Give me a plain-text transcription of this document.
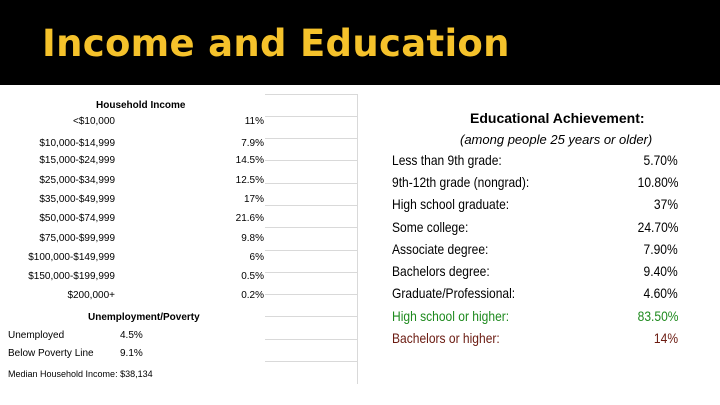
Income and Education
Household Income
<$10,000	11%
$10,000-$14,999	7.9%
$15,000-$24,999	14.5%
$25,000-$34,999	12.5%
$35,000-$49,999	17%
$50,000-$74,999	21.6%
$75,000-$99,999	9.8%
$100,000-$149,999	6%
$150,000-$199,999	0.5%
$200,000+	0.2%
Unemployment/Poverty
Unemployed	4.5%
Below Poverty Line	9.1%
Median Household Income: $38,134
Educational Achievement:
(among people 25 years or older)
Less than 9th grade:	5.70%
9th-12th grade (nongrad):	10.80%
High school graduate:	37%
Some college:	24.70%
Associate degree:	7.90%
Bachelors degree:	9.40%
Graduate/Professional:	4.60%
High school or higher:	83.50%
Bachelors or higher:	14%
